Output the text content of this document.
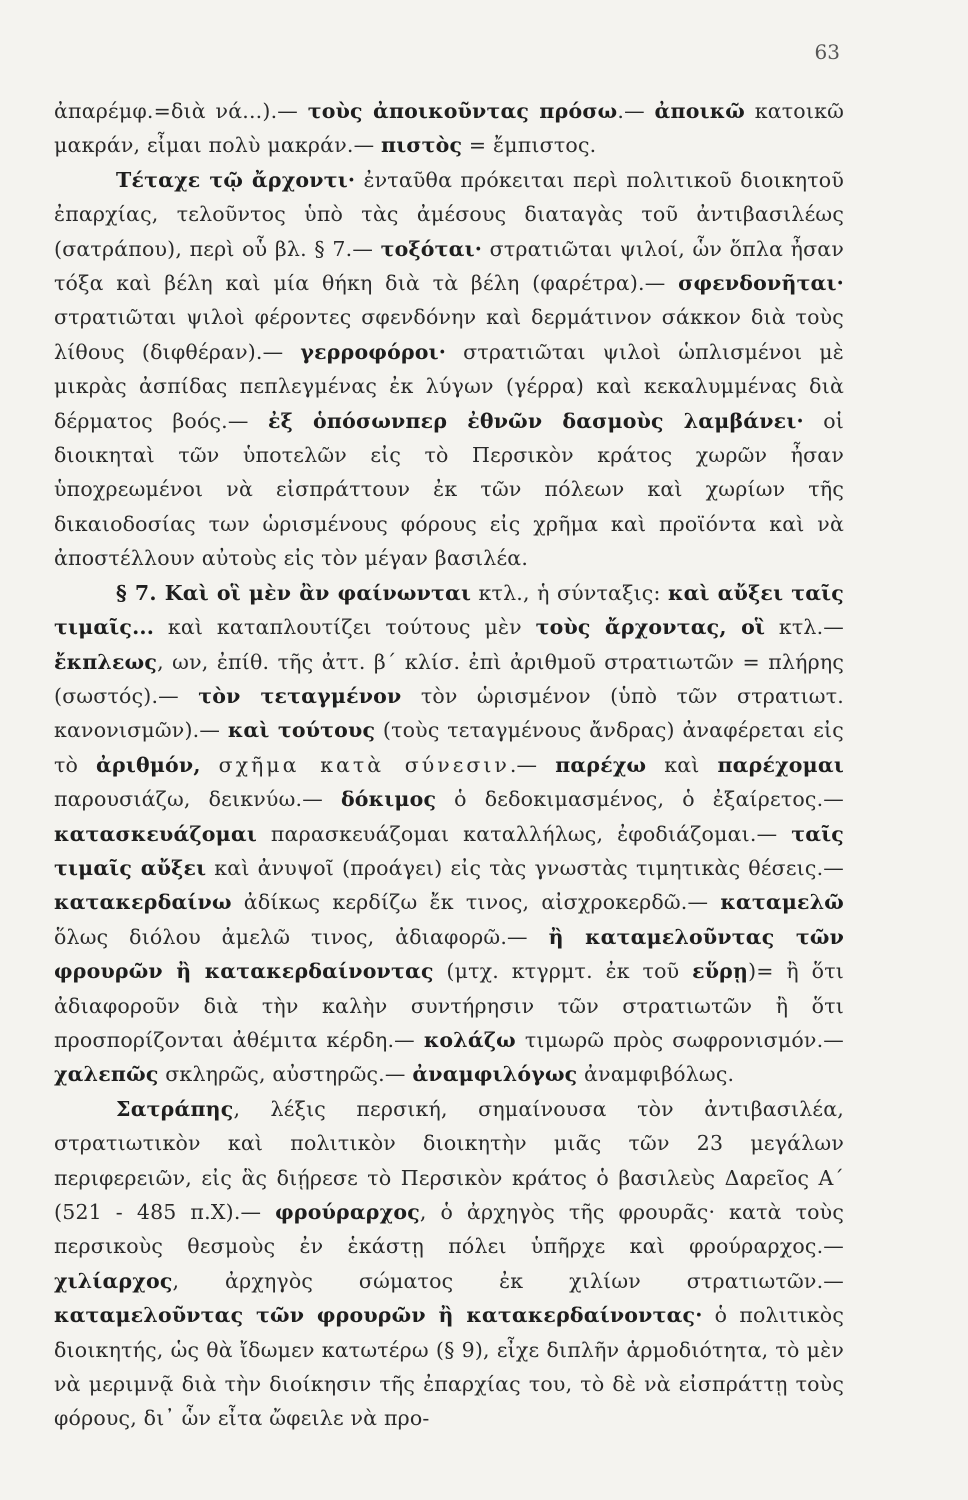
63

ἀπαρέμφ.=διὰ νά...).— τοὺς ἀποικοῦντας πρόσω.— ἀποικῶ κατοικῶ μακράν, εἶμαι πολὺ μακράν.— πιστὸς = ἔμπιστος.

Τέταχε τῷ ἄρχοντι· ἐνταῦθα πρόκειται περὶ πολιτικοῦ διοικητοῦ ἐπαρχίας, τελοῦντος ὑπὸ τὰς ἀμέσους διαταγὰς τοῦ ἀντιβασιλέως (σατράπου), περὶ οὗ βλ. § 7.— τοξόται· στρατιῶται ψιλοί, ὧν ὅπλα ἦσαν τόξα καὶ βέλη καὶ μία θήκη διὰ τὰ βέλη (φαρέτρα).— σφενδονῆται· στρατιῶται ψιλοὶ φέροντες σφενδόνην καὶ δερμάτινον σάκκον διὰ τοὺς λίθους (διφθέραν).— γερροφόροι· στρατιῶται ψιλοὶ ὡπλισμένοι μὲ μικρὰς ἀσπίδας πεπλεγμένας ἐκ λύγων (γέρρα) καὶ κεκαλυμμένας διὰ δέρματος βοός.— ἐξ ὁπόσωνπερ ἐθνῶν δασμοὺς λαμβάνει· οἱ διοικηταὶ τῶν ὑποτελῶν εἰς τὸ Περσικὸν κράτος χωρῶν ἦσαν ὑποχρεωμένοι νὰ εἰσπράττουν ἐκ τῶν πόλεων καὶ χωρίων τῆς δικαιοδοσίας των ὡρισμένους φόρους εἰς χρῆμα καὶ προϊόντα καὶ νὰ ἀποστέλλουν αὐτοὺς εἰς τὸν μέγαν βασιλέα.

§ 7. Καὶ οἳ μὲν ἂν φαίνωνται κτλ., ἡ σύνταξις: καὶ αὔξει ταῖς τιμαῖς... καὶ καταπλουτίζει τούτους μὲν τοὺς ἄρχοντας, οἳ κτλ.— ἔκπλεως, ων, ἐπίθ. τῆς ἀττ. β΄ κλίσ. ἐπὶ ἀριθμοῦ στρατιωτῶν = πλήρης (σωστός).— τὸν τεταγμένον τὸν ὡρισμένον (ὑπὸ τῶν στρατιωτ. κανονισμῶν).— καὶ τούτους (τοὺς τεταγμένους ἄνδρας) ἀναφέρεται εἰς τὸ ἀριθμόν, σχῆμα κατὰ σύνεσιν.— παρέχω καὶ παρέχομαι παρουσιάζω, δεικνύω.— δόκιμος ὁ δεδοκιμασμένος, ὁ ἐξαίρετος.— κατασκευάζομαι παρασκευάζομαι καταλλήλως, ἐφοδιάζομαι.— ταῖς τιμαῖς αὔξει καὶ ἀνυψοῖ (προάγει) εἰς τὰς γνωστὰς τιμητικὰς θέσεις.— κατακερδαίνω ἀδίκως κερδίζω ἔκ τινος, αἰσχροκερδῶ.— καταμελῶ ὅλως διόλου ἀμελῶ τινος, ἀδιαφορῶ.— ἢ καταμελοῦντας τῶν φρουρῶν ἢ κατακερδαίνοντας (μτχ. κτγρμτ. ἐκ τοῦ εὕρῃ)= ἢ ὅτι ἀδιαφοροῦν διὰ τὴν καλὴν συντήρησιν τῶν στρατιωτῶν ἢ ὅτι προσπορίζονται ἀθέμιτα κέρδη.— κολάζω τιμωρῶ πρὸς σωφρονισμόν.— χαλεπῶς σκληρῶς, αὐστηρῶς.— ἀναμφιλόγως ἀναμφιβόλως.

Σατράπης, λέξις περσική, σημαίνουσα τὸν ἀντιβασιλέα, στρατιωτικὸν καὶ πολιτικὸν διοικητὴν μιᾶς τῶν 23 μεγάλων περιφερειῶν, εἰς ἃς διῄρεσε τὸ Περσικὸν κράτος ὁ βασιλεὺς Δαρεῖος Α΄ (521 - 485 π.Χ).— φρούραρχος, ὁ ἀρχηγὸς τῆς φρουρᾶς· κατὰ τοὺς περσικοὺς θεσμοὺς ἐν ἑκάστῃ πόλει ὑπῆρχε καὶ φρούραρχος.— χιλίαρχος, ἀρχηγὸς σώματος ἐκ χιλίων στρατιωτῶν.— καταμελοῦντας τῶν φρουρῶν ἢ κατακερδαίνοντας· ὁ πολιτικὸς διοικητής, ὡς θὰ ἴδωμεν κατωτέρω (§ 9), εἶχε διπλῆν ἁρμοδιότητα, τὸ μὲν νὰ μεριμνᾷ διὰ τὴν διοίκησιν τῆς ἐπαρχίας του, τὸ δὲ νὰ εἰσπράττῃ τοὺς φόρους, δι᾽ ὧν εἶτα ὤφειλε νὰ προ-
